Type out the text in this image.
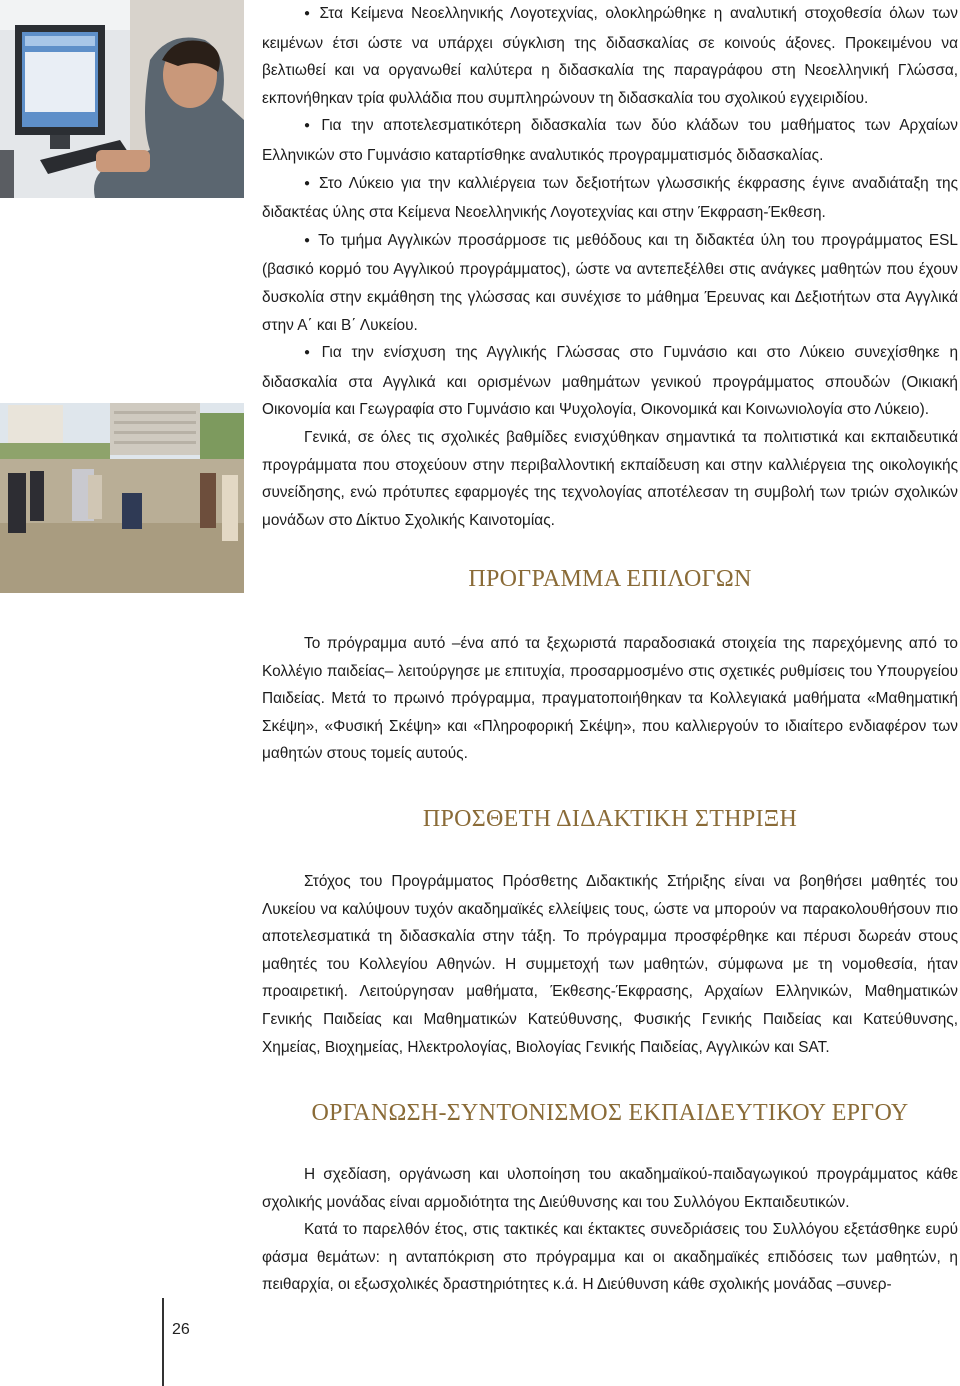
● Στα Κείμενα Νεοελληνικής Λογοτεχνίας, ολοκληρώθηκε η αναλυτική στοχοθεσία όλων των κειμένων έτσι ώστε να υπάρχει σύγκλιση της διδασκαλίας σε κοινούς άξονες. Προκειμένου να βελτιωθεί και να οργανωθεί καλύτερα η διδασκαλία της παραγράφου στη Νεοελληνική Γλώσσα, εκπονήθηκαν τρία φυλλάδια που συμπληρώνουν τη διδασκαλία του σχολικού εγχειριδίου.

● Για την αποτελεσματικότερη διδασκαλία των δύο κλάδων του μαθήματος των Αρχαίων Ελληνικών στο Γυμνάσιο καταρτίσθηκε αναλυτικός προγραμματισμός διδασκαλίας.

● Στο Λύκειο για την καλλιέργεια των δεξιοτήτων γλωσσικής έκφρασης έγινε αναδιάταξη της διδακτέας ύλης στα Κείμενα Νεοελληνικής Λογοτεχνίας και στην Έκφραση-Έκθεση.

● Το τμήμα Αγγλικών προσάρμοσε τις μεθόδους και τη διδακτέα ύλη του προγράμματος ESL (βασικό κορμό του Αγγλικού προγράμματος), ώστε να αντεπεξέλθει στις ανάγκες μαθητών που έχουν δυσκολία στην εκμάθηση της γλώσσας και συνέχισε το μάθημα Έρευνας και Δεξιοτήτων στα Αγγλικά στην Α΄ και Β΄ Λυκείου.

● Για την ενίσχυση της Αγγλικής Γλώσσας στο Γυμνάσιο και στο Λύκειο συνεχίσθηκε η διδασκαλία στα Αγγλικά και ορισμένων μαθημάτων γενικού προγράμματος σπουδών (Οικιακή Οικονομία και Γεωγραφία στο Γυμνάσιο και Ψυχολογία, Οικονομικά και Κοινωνιολογία στο Λύκειο).

Γενικά, σε όλες τις σχολικές βαθμίδες ενισχύθηκαν σημαντικά τα πολιτιστικά και εκπαιδευτικά προγράμματα που στοχεύουν στην περιβαλλοντική εκπαίδευση και στην καλλιέργεια της οικολογικής συνείδησης, ενώ πρότυπες εφαρμογές της τεχνολογίας αποτέλεσαν τη συμβολή των τριών σχολικών μονάδων στο Δίκτυο Σχολικής Καινοτομίας.

ΠΡΟΓΡΑΜΜΑ ΕΠΙΛΟΓΩΝ

Το πρόγραμμα αυτό –ένα από τα ξεχωριστά παραδοσιακά στοιχεία της παρεχόμενης από το Κολλέγιο παιδείας– λειτούργησε με επιτυχία, προσαρμοσμένο στις σχετικές ρυθμίσεις του Υπουργείου Παιδείας. Μετά το πρωινό πρόγραμμα, πραγματοποιήθηκαν τα Κολλεγιακά μαθήματα «Μαθηματική Σκέψη», «Φυσική Σκέψη» και «Πληροφορική Σκέψη», που καλλιεργούν το ιδιαίτερο ενδιαφέρον των μαθητών στους τομείς αυτούς.

ΠΡΟΣΘΕΤΗ ΔΙΔΑΚΤΙΚΗ ΣΤΗΡΙΞΗ

Στόχος του Προγράμματος Πρόσθετης Διδακτικής Στήριξης είναι να βοηθήσει μαθητές του Λυκείου να καλύψουν τυχόν ακαδημαϊκές ελλείψεις τους, ώστε να μπορούν να παρακολουθήσουν πιο αποτελεσματικά τη διδασκαλία στην τάξη. Το πρόγραμμα προσφέρθηκε και πέρυσι δωρεάν στους μαθητές του Κολλεγίου Αθηνών. Η συμμετοχή των μαθητών, σύμφωνα με τη νομοθεσία, ήταν προαιρετική. Λειτούργησαν μαθήματα, Έκθεσης-Έκφρασης, Αρχαίων Ελληνικών, Μαθηματικών Γενικής Παιδείας και Μαθηματικών Κατεύθυνσης, Φυσικής Γενικής Παιδείας και Κατεύθυνσης, Χημείας, Βιοχημείας, Ηλεκτρολογίας, Βιολογίας Γενικής Παιδείας, Αγγλικών και SAT.

ΟΡΓΑΝΩΣΗ-ΣΥΝΤΟΝΙΣΜΟΣ ΕΚΠΑΙΔΕΥΤΙΚΟΥ ΕΡΓΟΥ

Η σχεδίαση, οργάνωση και υλοποίηση του ακαδημαϊκού-παιδαγωγικού προγράμματος κάθε σχολικής μονάδας είναι αρμοδιότητα της Διεύθυνσης και του Συλλόγου Εκπαιδευτικών.

Κατά το παρελθόν έτος, στις τακτικές και έκτακτες συνεδριάσεις του Συλλόγου εξετάσθηκε ευρύ φάσμα θεμάτων: η ανταπόκριση στο πρόγραμμα και οι ακαδημαϊκές επιδόσεις των μαθητών, η πειθαρχία, οι εξωσχολικές δραστηριότητες κ.ά. Η Διεύθυνση κάθε σχολικής μονάδας –συνερ-

26
